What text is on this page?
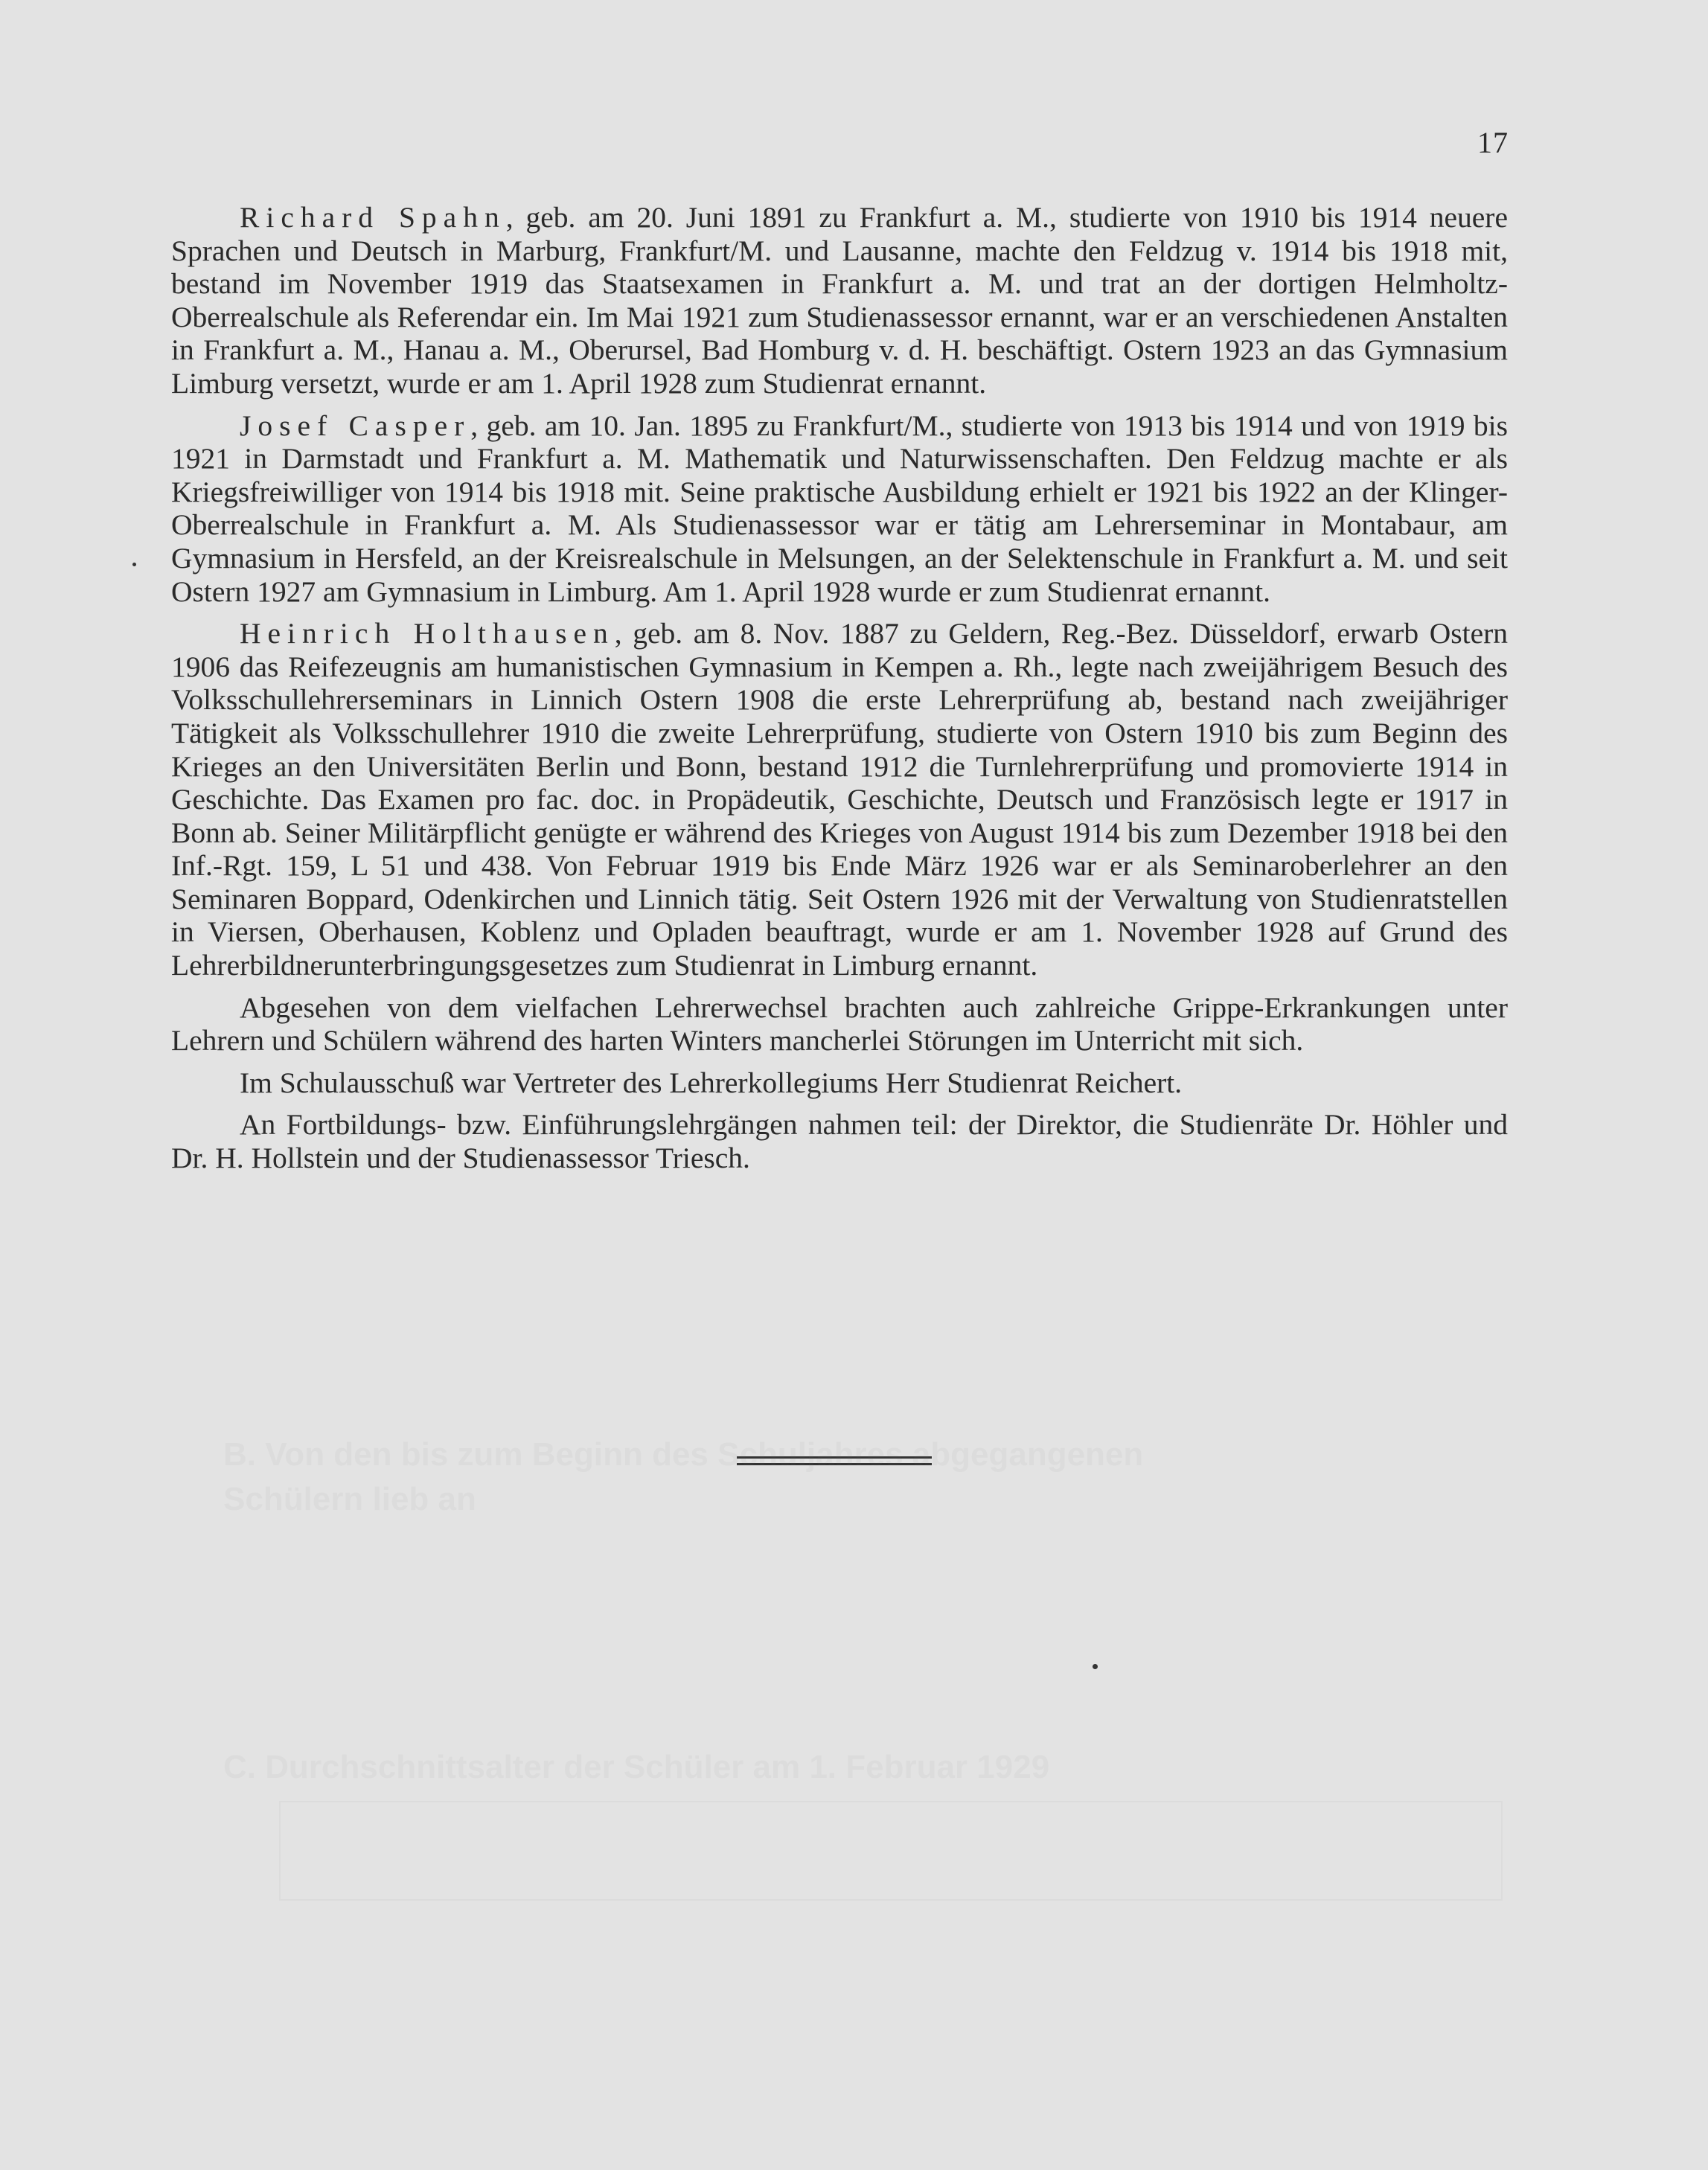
17

Richard Spahn, geb. am 20. Juni 1891 zu Frankfurt a. M., studierte von 1910 bis 1914 neuere Sprachen und Deutsch in Marburg, Frankfurt/M. und Lausanne, machte den Feldzug v. 1914 bis 1918 mit, bestand im November 1919 das Staatsexamen in Frankfurt a. M. und trat an der dortigen Helmholtz-Oberrealschule als Referendar ein. Im Mai 1921 zum Studienassessor ernannt, war er an verschiedenen Anstalten in Frankfurt a. M., Hanau a. M., Oberursel, Bad Homburg v. d. H. beschäftigt. Ostern 1923 an das Gymnasium Limburg versetzt, wurde er am 1. April 1928 zum Studienrat ernannt.

Josef Casper, geb. am 10. Jan. 1895 zu Frankfurt/M., studierte von 1913 bis 1914 und von 1919 bis 1921 in Darmstadt und Frankfurt a. M. Mathematik und Naturwissenschaften. Den Feldzug machte er als Kriegsfreiwilliger von 1914 bis 1918 mit. Seine praktische Ausbildung erhielt er 1921 bis 1922 an der Klinger-Oberrealschule in Frankfurt a. M. Als Studienassessor war er tätig am Lehrerseminar in Montabaur, am Gymnasium in Hersfeld, an der Kreisrealschule in Melsungen, an der Selektenschule in Frankfurt a. M. und seit Ostern 1927 am Gymnasium in Limburg. Am 1. April 1928 wurde er zum Studienrat ernannt.

Heinrich Holthausen, geb. am 8. Nov. 1887 zu Geldern, Reg.-Bez. Düsseldorf, erwarb Ostern 1906 das Reifezeugnis am humanistischen Gymnasium in Kempen a. Rh., legte nach zweijährigem Besuch des Volksschullehrerseminars in Linnich Ostern 1908 die erste Lehrerprüfung ab, bestand nach zweijähriger Tätigkeit als Volksschullehrer 1910 die zweite Lehrerprüfung, studierte von Ostern 1910 bis zum Beginn des Krieges an den Universitäten Berlin und Bonn, bestand 1912 die Turnlehrerprüfung und promovierte 1914 in Geschichte. Das Examen pro fac. doc. in Propädeutik, Geschichte, Deutsch und Französisch legte er 1917 in Bonn ab. Seiner Militärpflicht genügte er während des Krieges von August 1914 bis zum Dezember 1918 bei den Inf.-Rgt. 159, L 51 und 438. Von Februar 1919 bis Ende März 1926 war er als Seminaroberlehrer an den Seminaren Boppard, Odenkirchen und Linnich tätig. Seit Ostern 1926 mit der Verwaltung von Studienratstellen in Viersen, Oberhausen, Koblenz und Opladen beauftragt, wurde er am 1. November 1928 auf Grund des Lehrerbildnerunterbringungsgesetzes zum Studienrat in Limburg ernannt.

Abgesehen von dem vielfachen Lehrerwechsel brachten auch zahlreiche Grippe-Erkrankungen unter Lehrern und Schülern während des harten Winters mancherlei Störungen im Unterricht mit sich.

Im Schulausschuß war Vertreter des Lehrerkollegiums Herr Studienrat Reichert.

An Fortbildungs- bzw. Einführungslehrgängen nahmen teil: der Direktor, die Studienräte Dr. Höhler und Dr. H. Hollstein und der Studienassessor Triesch.

B. Von den bis zum Beginn des Schuljahres abgegangenen
Schülern lieb an
C. Durchschnittsalter der Schüler am 1. Februar 1929
